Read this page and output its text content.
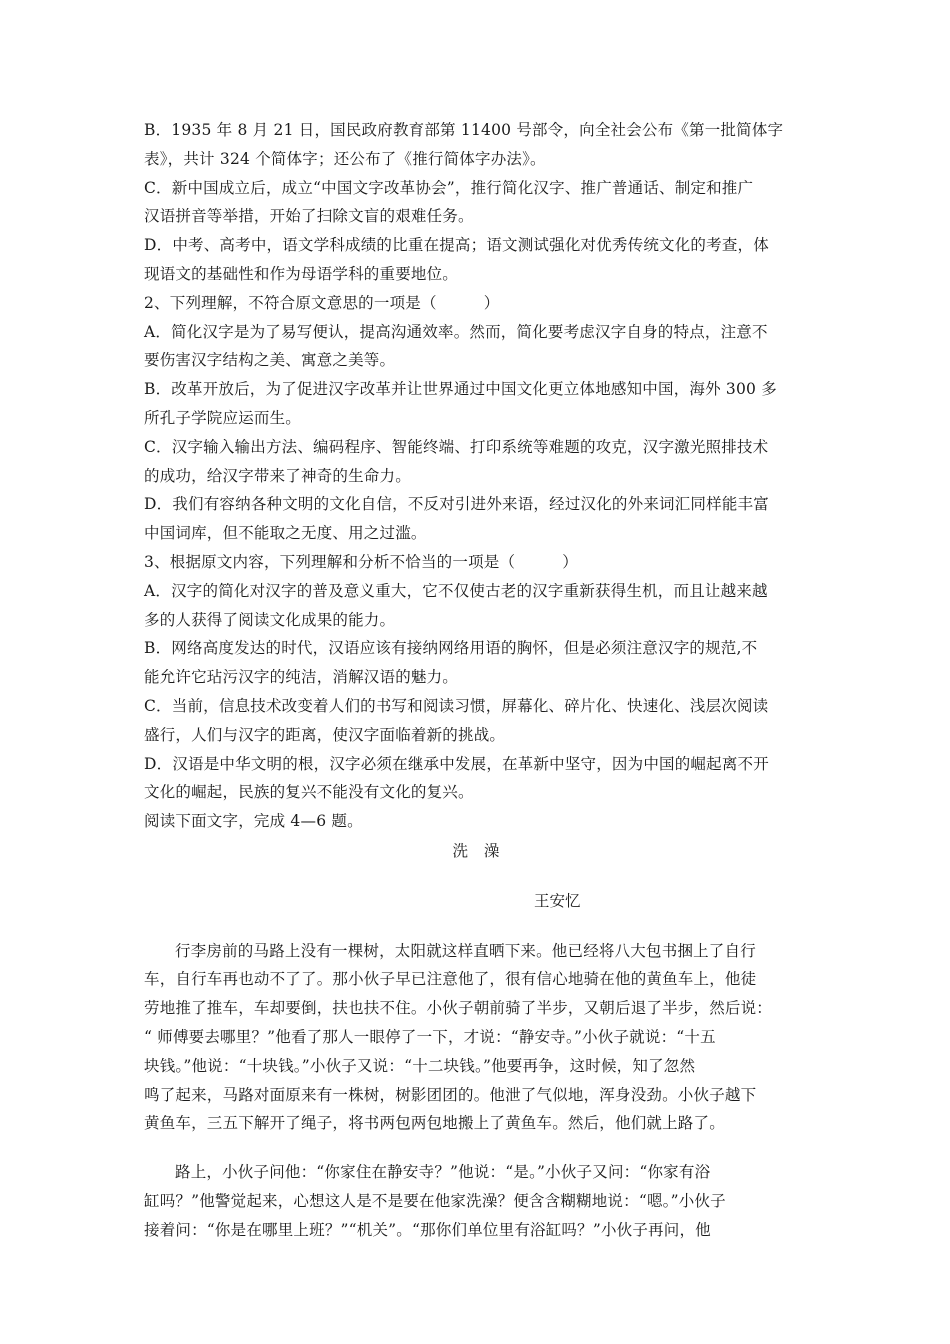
B．1935 年 8 月 21 日，国民政府教育部第 11400 号部令，向全社会公布《第一批简体字
表》，共计 324 个简体字；还公布了《推行简体字办法》。
C．新中国成立后，成立“中国文字改革协会”，推行简化汉字、推广普通话、制定和推广
汉语拼音等举措，开始了扫除文盲的艰难任务。
D．中考、高考中，语文学科成绩的比重在提高；语文测试强化对优秀传统文化的考查，体
现语文的基础性和作为母语学科的重要地位。
2、下列理解，不符合原文意思的一项是（　　　）
A．简化汉字是为了易写便认，提高沟通效率。然而，简化要考虑汉字自身的特点，注意不
要伤害汉字结构之美、寓意之美等。
B．改革开放后，为了促进汉字改革并让世界通过中国文化更立体地感知中国，海外 300 多
所孔子学院应运而生。
C．汉字输入输出方法、编码程序、智能终端、打印系统等难题的攻克，汉字激光照排技术
的成功，给汉字带来了神奇的生命力。
D．我们有容纳各种文明的文化自信，不反对引进外来语，经过汉化的外来词汇同样能丰富
中国词库，但不能取之无度、用之过滥。
3、根据原文内容，下列理解和分析不恰当的一项是（　　　）
A．汉字的简化对汉字的普及意义重大，它不仅使古老的汉字重新获得生机，而且让越来越
多的人获得了阅读文化成果的能力。
B．网络高度发达的时代，汉语应该有接纳网络用语的胸怀，但是必须注意汉字的规范,不
能允许它玷污汉字的纯洁，消解汉语的魅力。
C．当前，信息技术改变着人们的书写和阅读习惯，屏幕化、碎片化、快速化、浅层次阅读
盛行，人们与汉字的距离，使汉字面临着新的挑战。
D．汉语是中华文明的根，汉字必须在继承中发展，在革新中坚守，因为中国的崛起离不开
文化的崛起，民族的复兴不能没有文化的复兴。
阅读下面文字，完成 4—6 题。
洗　澡
王安忆
行李房前的马路上没有一棵树，太阳就这样直晒下来。他已经将八大包书捆上了自行
车，自行车再也动不了了。那小伙子早已注意他了，很有信心地骑在他的黄鱼车上，他徒
劳地推了推车，车却要倒，扶也扶不住。小伙子朝前骑了半步，又朝后退了半步，然后说：
“ 师傅要去哪里？”他看了那人一眼停了一下，才说：“静安寺。”小伙子就说：“十五
块钱。”他说：“十块钱。”小伙子又说：“十二块钱。”他要再争，这时候，知了忽然
鸣了起来，马路对面原来有一株树，树影团团的。他泄了气似地，浑身没劲。小伙子越下
黄鱼车，三五下解开了绳子，将书两包两包地搬上了黄鱼车。然后，他们就上路了。
路上，小伙子问他：“你家住在静安寺？”他说：“是。”小伙子又问：“你家有浴
缸吗？”他警觉起来，心想这人是不是要在他家洗澡？便含含糊糊地说：“嗯。”小伙子
接着问：“你是在哪里上班？”“机关”。“那你们单位里有浴缸吗？”小伙子再问，他
